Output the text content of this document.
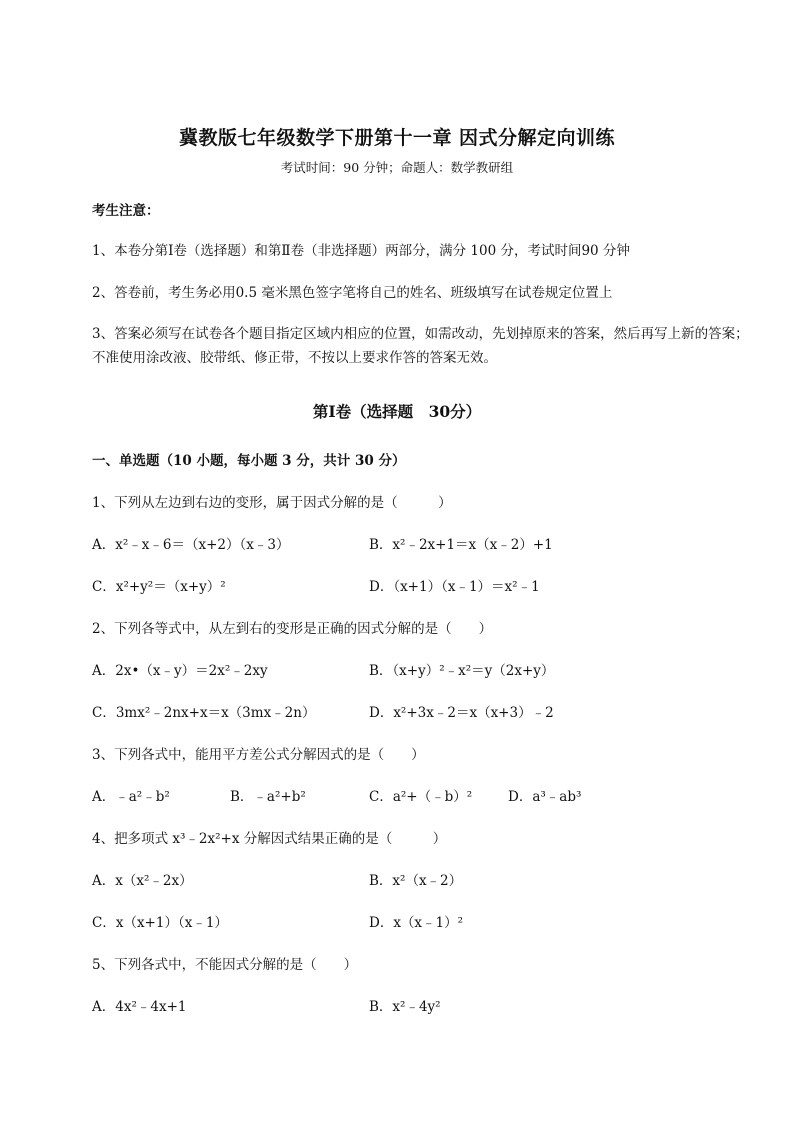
冀教版七年级数学下册第十一章 因式分解定向训练
考试时间：90 分钟；命题人：数学教研组
考生注意：
1、本卷分第Ⅰ卷（选择题）和第Ⅱ卷（非选择题）两部分，满分 100 分，考试时间90 分钟
2、答卷前，考生务必用0.5 毫米黑色签字笔将自己的姓名、班级填写在试卷规定位置上
3、答案必须写在试卷各个题目指定区域内相应的位置，如需改动，先划掉原来的答案，然后再写上新的答案；不准使用涂改液、胶带纸、修正带，不按以上要求作答的答案无效。
第Ⅰ卷（选择题　30分）
一、单选题（10 小题，每小题 3 分，共计 30 分）
1、下列从左边到右边的变形，属于因式分解的是（　　　）
A．x²﹣x﹣6＝（x+2）（x﹣3）	B．x²﹣2x+1＝x（x﹣2）+1
C．x²+y²＝（x+y）²	D．（x+1）（x﹣1）＝x²﹣1
2、下列各等式中，从左到右的变形是正确的因式分解的是（　　）
A．2x•（x﹣y）＝2x²﹣2xy	B．（x+y）²﹣x²＝y（2x+y）
C．3mx²﹣2nx+x＝x（3mx﹣2n）	D．x²+3x﹣2＝x（x+3）﹣2
3、下列各式中，能用平方差公式分解因式的是（　　）
A．﹣a²﹣b²	B．﹣a²+b²	C．a²+（﹣b）²	D．a³﹣ab³
4、把多项式 x³﹣2x²+x 分解因式结果正确的是（　　　）
A．x（x²﹣2x）	B．x²（x﹣2）
C．x（x+1）（x﹣1）	D．x（x﹣1）²
5、下列各式中，不能因式分解的是（　　）
A．4x²﹣4x+1	B．x²﹣4y²
